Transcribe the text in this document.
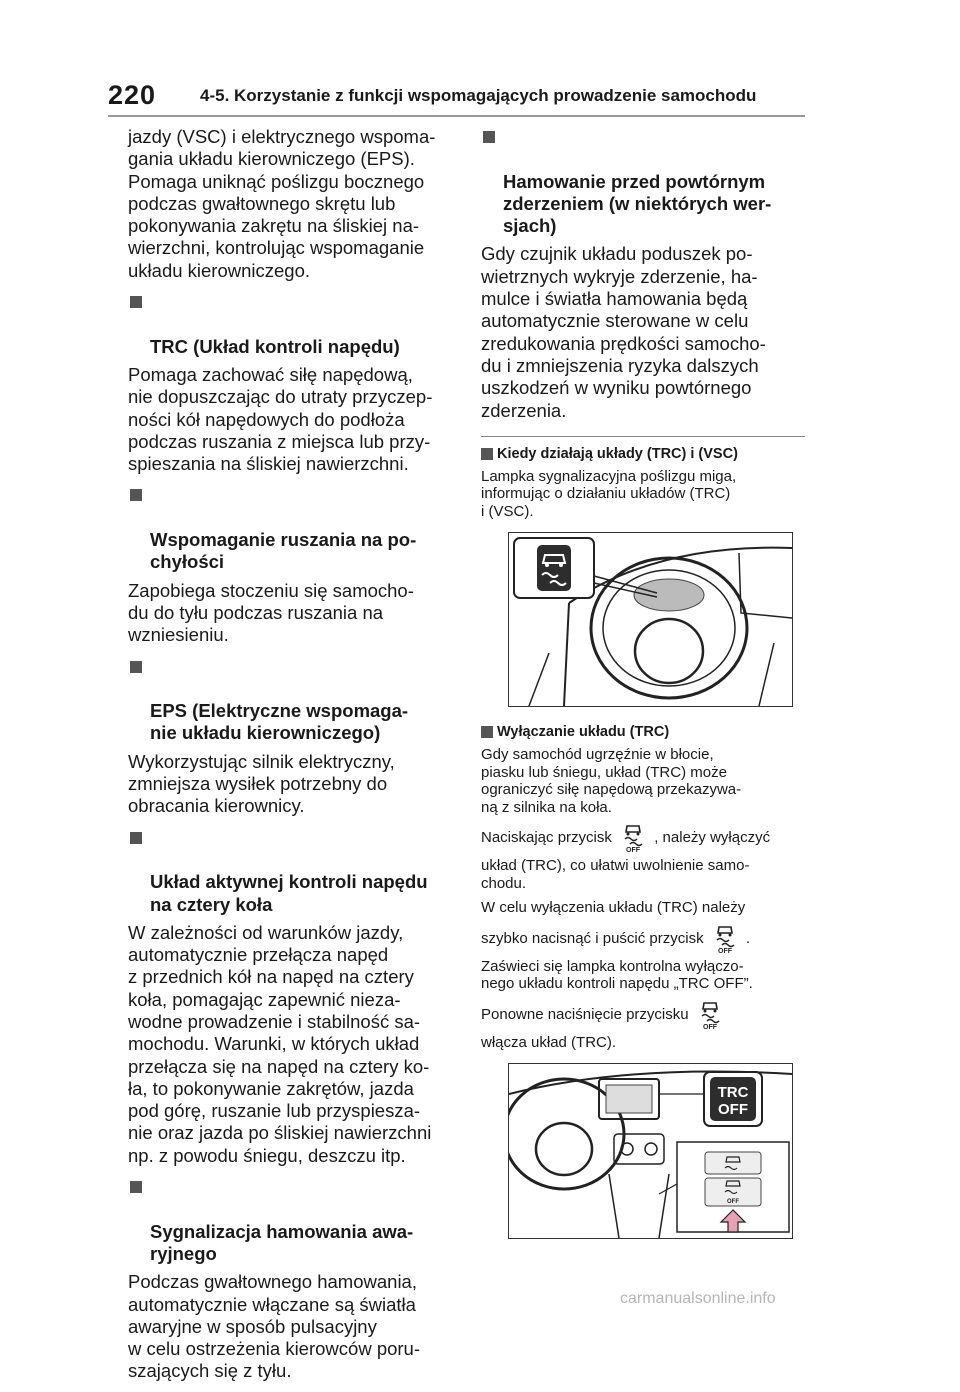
220	4-5. Korzystanie z funkcji wspomagających prowadzenie samochodu

jazdy (VSC) i elektrycznego wspoma-
gania układu kierowniczego (EPS).
Pomaga uniknąć poślizgu bocznego
podczas gwałtownego skrętu lub
pokonywania zakrętu na śliskiej na-
wierzchni, kontrolując wspomaganie
układu kierowniczego.

TRC (Układ kontroli napędu)

Pomaga zachować siłę napędową,
nie dopuszczając do utraty przyczep-
ności kół napędowych do podłoża
podczas ruszania z miejsca lub przy-
spieszania na śliskiej nawierzchni.

Wspomaganie ruszania na po-
chyłości

Zapobiega stoczeniu się samocho-
du do tyłu podczas ruszania na
wzniesieniu.

EPS (Elektryczne wspomaga-
nie układu kierowniczego)

Wykorzystując silnik elektryczny,
zmniejsza wysiłek potrzebny do
obracania kierownicy.

Układ aktywnej kontroli napędu
na cztery koła

W zależności od warunków jazdy,
automatycznie przełącza napęd
z przednich kół na napęd na cztery
koła, pomagając zapewnić nieza-
wodne prowadzenie i stabilność sa-
mochodu. Warunki, w których układ
przełącza się na napęd na cztery ko-
ła, to pokonywanie zakrętów, jazda
pod górę, ruszanie lub przyspiesza-
nie oraz jazda po śliskiej nawierzchni
np. z powodu śniegu, deszczu itp.

Sygnalizacja hamowania awa-
ryjnego

Podczas gwałtownego hamowania,
automatycznie włączane są światła
awaryjne w sposób pulsacyjny
w celu ostrzeżenia kierowców poru-
szających się z tyłu.

Hamowanie przed powtórnym
zderzeniem (w niektórych wer-
sjach)

Gdy czujnik układu poduszek po-
wietrznych wykryje zderzenie, ha-
mulce i światła hamowania będą
automatycznie sterowane w celu
zredukowania prędkości samocho-
du i zmniejszenia ryzyka dalszych
uszkodzeń w wyniku powtórnego
zderzenia.

Kiedy działają układy (TRC) i (VSC)

Lampka sygnalizacyjna poślizgu miga,
informując o działaniu układów (TRC)
i (VSC).

Wyłączanie układu (TRC)

Gdy samochód ugrzęźnie w błocie,
piasku lub śniegu, układ (TRC) może
ograniczyć siłę napędową przekazywa-
ną z silnika na koła.

Naciskając przycisk
OFF
, należy wyłączyć

układ (TRC), co ułatwi uwolnienie samo-
chodu.

W celu wyłączenia układu (TRC) należy

szybko nacisnąć i puścić przycisk
OFF
.

Zaświeci się lampka kontrolna wyłączo-
nego układu kontroli napędu „TRC OFF”.

Ponowne naciśnięcie przycisku
OFF

włącza układ (TRC).

TRC
OFF
OFF
carmanualsonline.info
